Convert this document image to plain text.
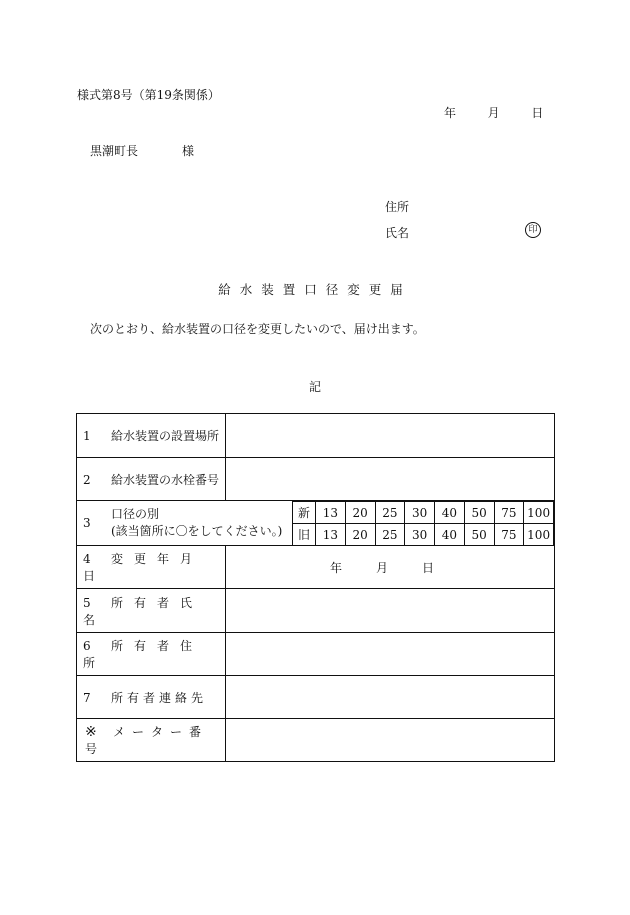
様式第8号（第19条関係）
年	月	日
黒潮町長	様
住所
氏名	印
給水装置口径変更届
次のとおり、給水装置の口径を変更したいので、届け出ます。
記
1 給水装置の設置場所	
2 給水装置の水栓番号	

3
口径の別
(該当箇所に〇をしてください。)

新	13	20	25	30	40	50	75	100
旧	13	20	25	30	40	50	75	100

4 変更年月日	年	月	日
5 所有者氏名	
6 所有者住所	
7 所有者連絡先	
※ メーター番号	
